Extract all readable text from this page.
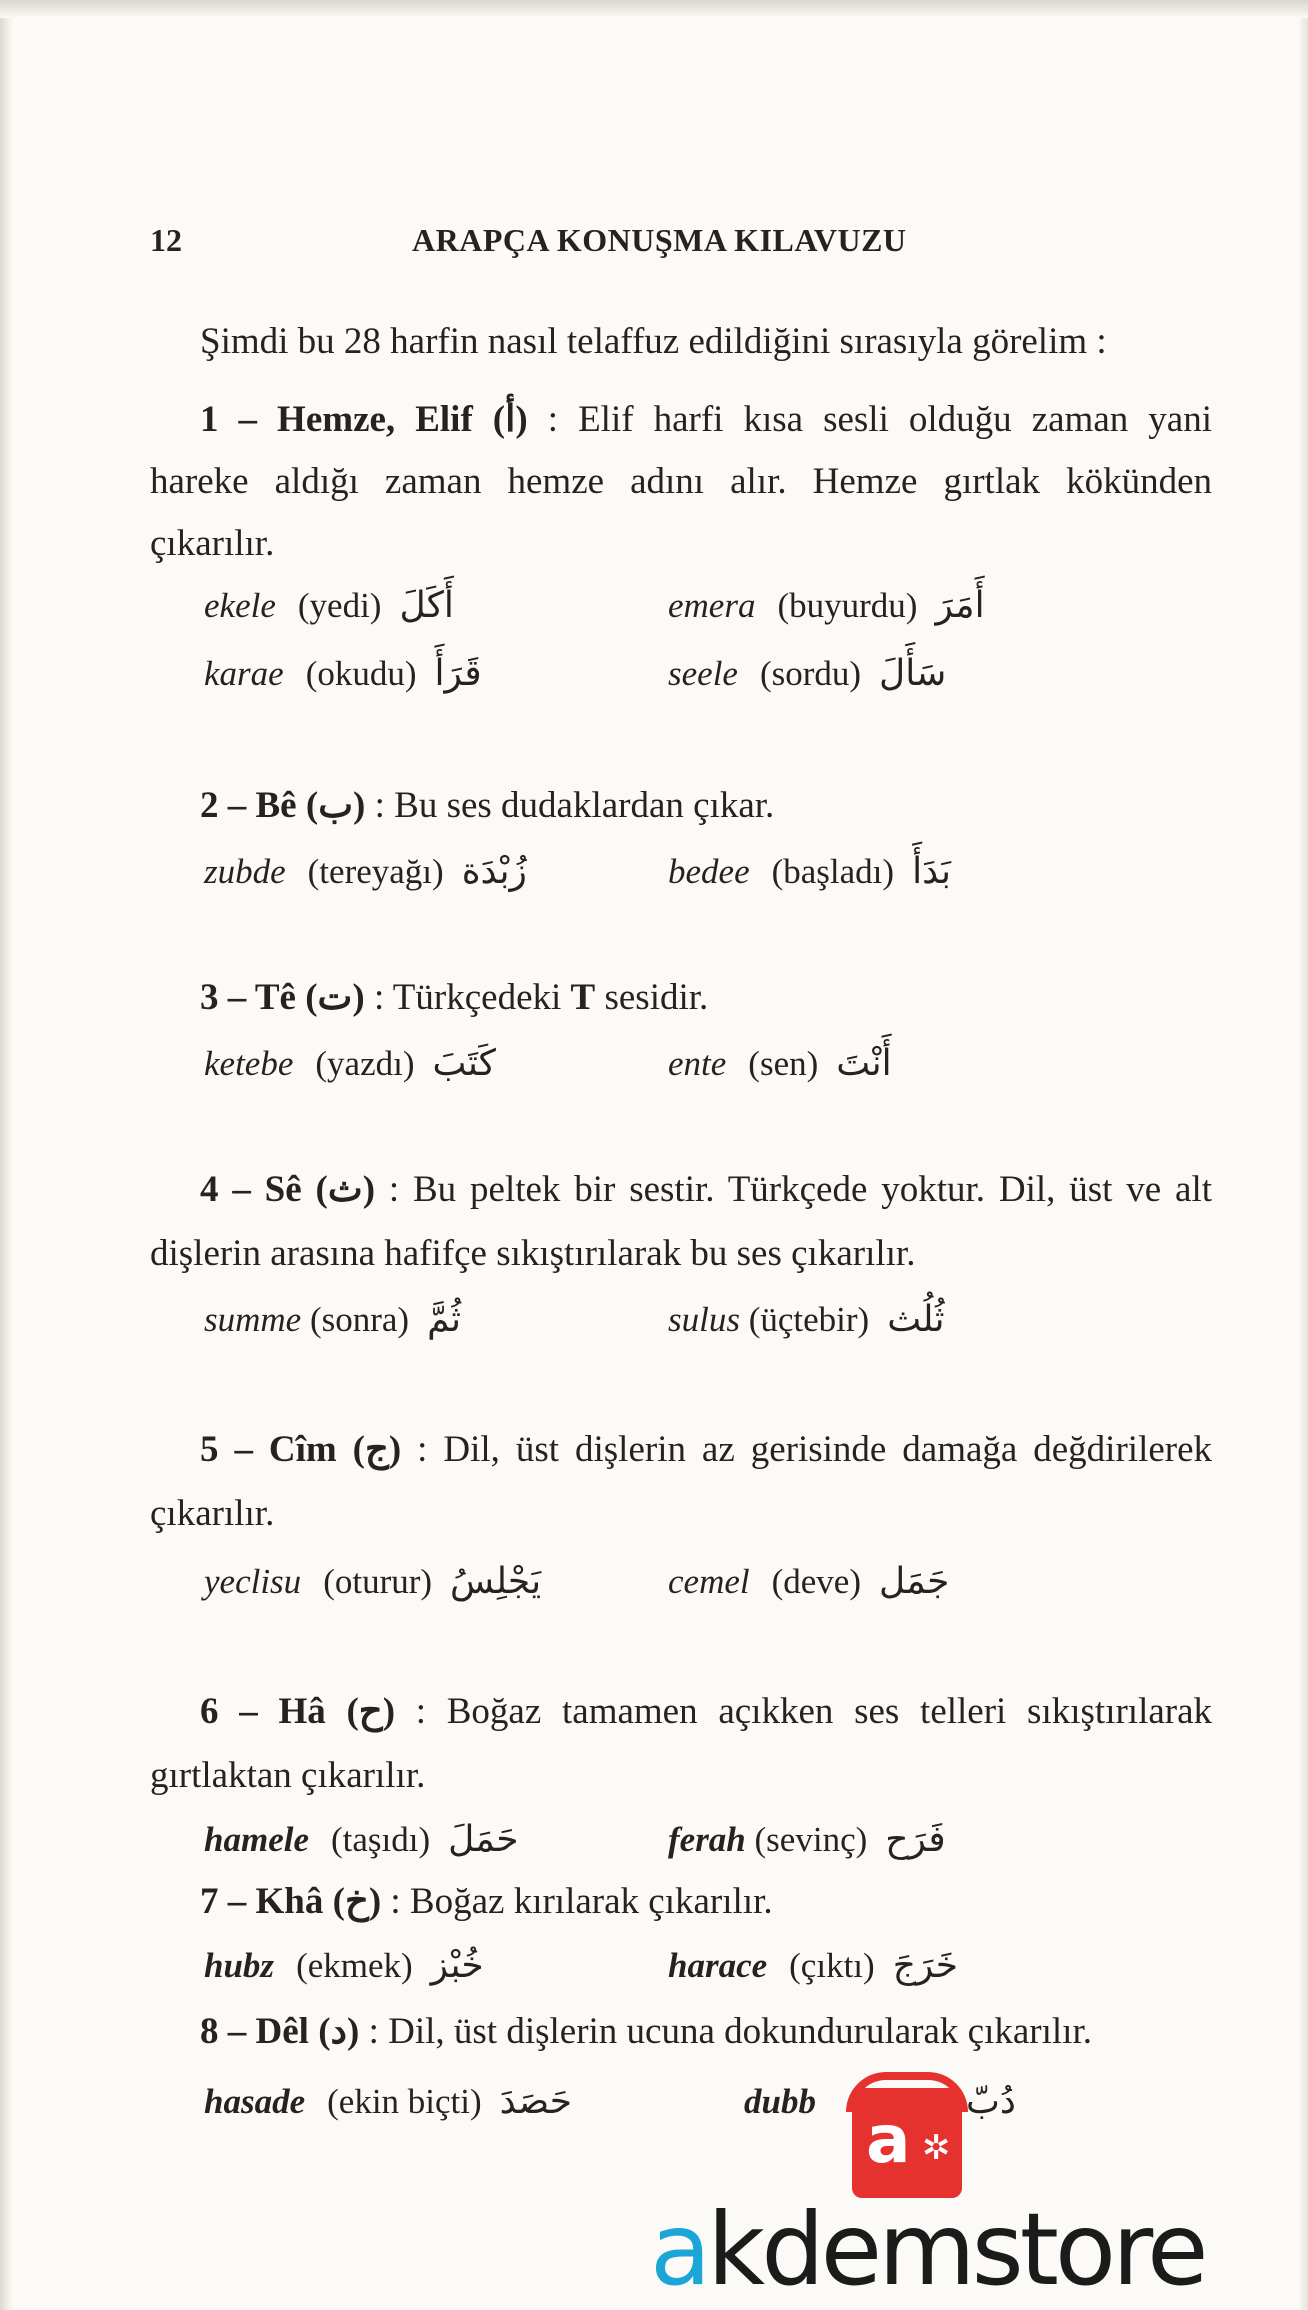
12	ARAPÇA KONUŞMA KILAVUZU
Şimdi bu 28 harfin nasıl telaffuz edildiğini sırasıyla görelim :
1 – Hemze, Elif (أ) : Elif harfi kısa sesli olduğu zaman yani
hareke aldığı zaman hemze adını alır. Hemze gırtlak kökünden
çıkarılır.
ekele (yedi) أَكَلَ	emera (buyurdu) أَمَرَ
karae (okudu) قَرَأَ	seele (sordu) سَأَلَ
2 – Bê (ب) : Bu ses dudaklardan çıkar.
zubde (tereyağı) زُبْدَة	bedee (başladı) بَدَأَ
3 – Tê (ت) : Türkçedeki T sesidir.
ketebe (yazdı) كَتَبَ	ente (sen) أَنْتَ
4 – Sê (ث) : Bu peltek bir sestir. Türkçede yoktur. Dil, üst ve alt
dişlerin arasına hafifçe sıkıştırılarak bu ses çıkarılır.
summe (sonra) ثُمَّ	sulus (üçtebir) ثُلُث
5 – Cîm (ج) : Dil, üst dişlerin az gerisinde damağa değdirilerek
çıkarılır.
yeclisu (oturur) يَجْلِسُ	cemel (deve) جَمَل
6 – Hâ (ح) : Boğaz tamamen açıkken ses telleri sıkıştırılarak
gırtlaktan çıkarılır.
hamele (taşıdı) حَمَلَ	ferah (sevinç) فَرَح
7 – Khâ (خ) : Boğaz kırılarak çıkarılır.
hubz (ekmek) خُبْز	harace (çıktı) خَرَجَ
8 – Dêl (د) : Dil, üst dişlerin ucuna dokundurularak çıkarılır.
hasade (ekin biçti) حَصَدَ	dubb	دُبّ
a ✲
akdemstore
